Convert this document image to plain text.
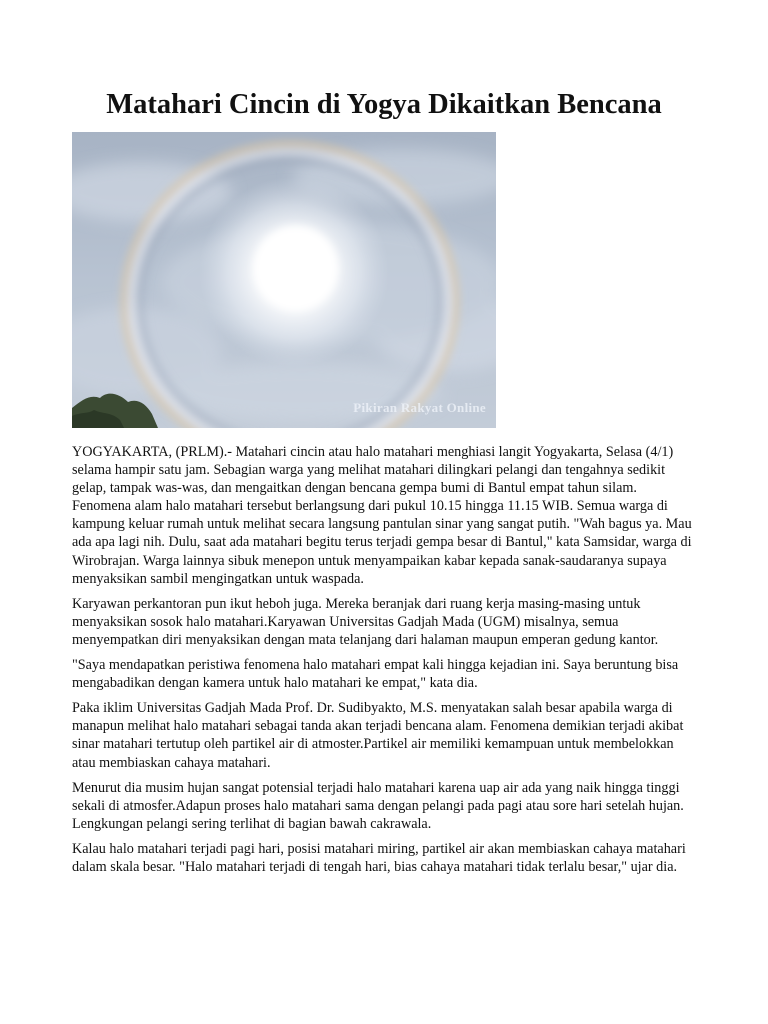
Matahari Cincin di Yogya Dikaitkan Bencana
Pikiran Rakyat Online

YOGYAKARTA, (PRLM).- Matahari cincin atau halo matahari menghiasi langit Yogyakarta, Selasa (4/1) selama hampir satu jam. Sebagian warga yang melihat matahari dilingkari pelangi dan tengahnya sedikit gelap, tampak was-was, dan mengaitkan dengan bencana gempa bumi di Bantul empat tahun silam.
Fenomena alam halo matahari tersebut berlangsung dari pukul 10.15 hingga 11.15 WIB. Semua warga di kampung keluar rumah untuk melihat secara langsung pantulan sinar yang sangat putih. "Wah bagus ya. Mau ada apa lagi nih. Dulu, saat ada matahari begitu terus terjadi gempa besar di Bantul," kata Samsidar, warga di Wirobrajan. Warga lainnya sibuk menepon untuk menyampaikan kabar kepada sanak-saudaranya supaya menyaksikan sambil mengingatkan untuk waspada.

Karyawan perkantoran pun ikut heboh juga. Mereka beranjak dari ruang kerja masing-masing untuk menyaksikan sosok halo matahari.Karyawan Universitas Gadjah Mada (UGM) misalnya, semua menyempatkan diri menyaksikan dengan mata telanjang dari halaman maupun emperan gedung kantor.

"Saya mendapatkan peristiwa fenomena halo matahari empat kali hingga kejadian ini. Saya beruntung bisa mengabadikan dengan kamera untuk halo matahari ke empat," kata dia.

Paka iklim Universitas Gadjah Mada Prof. Dr. Sudibyakto, M.S. menyatakan salah besar apabila warga di manapun melihat halo matahari sebagai tanda akan terjadi bencana alam. Fenomena demikian terjadi akibat sinar matahari tertutup oleh partikel air di atmoster.Partikel air memiliki kemampuan untuk membelokkan atau membiaskan cahaya matahari.

Menurut dia musim hujan sangat potensial terjadi halo matahari karena uap air ada yang naik hingga tinggi sekali di atmosfer.Adapun proses halo matahari sama dengan pelangi pada pagi atau sore hari setelah hujan. Lengkungan pelangi sering terlihat di bagian bawah cakrawala.

Kalau halo matahari terjadi pagi hari, posisi matahari miring, partikel air akan membiaskan cahaya matahari dalam skala besar. "Halo matahari terjadi di tengah hari, bias cahaya matahari tidak terlalu besar," ujar dia.
